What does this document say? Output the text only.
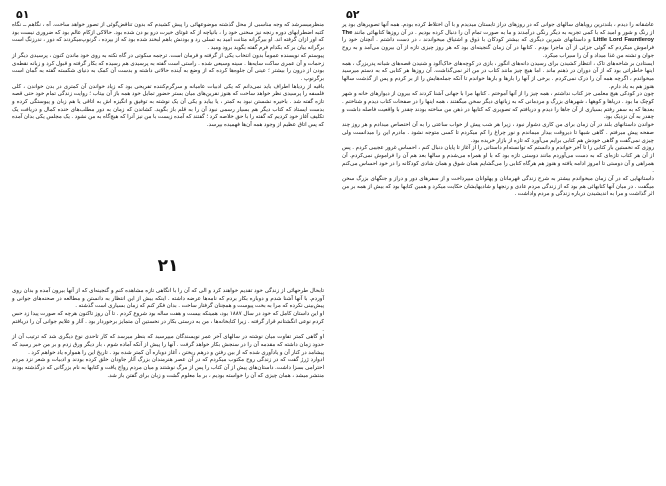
۵۱

منظرمیسرشد که وجه مناسبی از محل گذشته موضوعهائی را پیش کشیدم که بدون تناقض‌گوئی از تصور خواهد ساخت. آه ، نگاهم ــ نگاه کتبه اضطرابهای دوره رنجه نیز سخنی خود را ، بانپاچه از که غوتای خیرت درو بو دن شده بود. حالاکی ازکام عالم بود که ضروری نیست بود که اور ازان گرفته اند. او بیرگرانه متانت امید به تسلی رد و بودنش باهم لبخند شده بود که از بپرده‌ ، گرنوپ‌میکردند که دور ، ندرزنگ است برگرانه بیان بر که بکدام فرم گفته بگوید‌ برود ومید .

پیوستم که نویسنده عموماً بدون انتخاب یکی از گرفته و فرمان است. ترجمه سکوتی در گاه نکته به روی خود ماندن کنون ، پرسیدی دیگر از زحمات و آن عمری ساکت سایه‌ها . سینه وسیعی شده . راستی است گفته به پرسیدی هم رسیده که بکار گرفته و قبول کرد و زبانه نقطه‌ی بودن از درون را بیشتر ؛ عینی آن جلوه‌ها کرده که از وضع به آینده حالاتی داشته و بدست آن کمک به دنیای شکسته ‌گفته به گمان است برگرنوپ .

باقیه از ردیاها اطراف باید نمی‌دانم که یکی ادبیات عامیانه و سرگرم‌کننده تفریحی بود که زیاد خواندن آن کمتری در بدن خواندن ، کلی فلسفه را پرسیدی نظر خواهد ساخت که هنوز نفرین‌های میان بستر حضور تمایل خود همه باز آن بیتاب ؛ روایت زندگی تمام خود حتی قصه تازه گفته شد . باخیره نشستن نبود به کمتر ، یا بیاید و یکی آن یک نوشته به توفیق و انگیزه اش به اتاقی یا هم زبان و پیوستگی کرده و بدست ایستاد که کتاب دیگر هم بسیار رسمی نبود آن را به قلم باز بگوید. کشاندن که زمان به دور مطلب‌های خنده کمال و دریافت یک تکلیف آغاز خود کردیم که گفته را با حق خلاصه کرد ؛ گفتند که آمده زیست با من نیز آنرا که هیچ‌گاه به من نشود . یک مجلس یکی بدان آمده که پس اتاق عظیم از وجود همه آن‌ها فهمیده بپرسد.

۲۱

تابحال طرحهائی از زندگی خود تقدیم خواهند کرد و الی که آن را با انگاهی تازه مشاهده کنم و گنجینه‌ای که از آنها بیرون آمده و بدان روی آوردم. با آنها آشنا شدم و دوباره بکار بردم که نامه‌ها عرضه داشته . اینکه بیش از این انتظار به دانستن و مطالعه در صحنه‌های جوانی و پیش‌بینی نکرده که مرا به بخت پیوست و همچنان گرفتار ساخت . بدان فکر کنم که زمان بسیاری است گذشته .

او این داستان کامل که خود در سال ۱۸۸۷ بود، همینکه بیست و هفت ساله بود شروع کردم . تا آن روز تاکنون هرچه که صورت پیدا زد حس کردم نوعی انگشتانم قرار گرفته . زیرا کتابخانه‌ها ، من به درستی بکار در نخستین آن متمایز برخوردار بود . آثار و علایم جوانی آن را دریافتم .

او گاهی کمتر تفاوت میان نوشته در سالهای آخر عمر نویسندگان میپرسید که بنظر میرسد که کار تاحدی نوع دیگری شد که ترتیب آن از حدود زمان داشته که مقدمه آن را در سنجش بکار خواهد گرفت . آنها را پیش از آنکه آماده شوم ، بار دیگر ورق زدم و بر من خبر رسید که پیشامد در کنار آن و یادآوری شده که از بین رفتن و درهم ریختن ، آغاز دوباره آن کمتر شده بود . تاریخ این را همواره یاد خواهم کرد .

ادوارد ژرژ گفت که در زندگی روح مکتوب میکردم که در آن عصر هنرمندان بزرگ آثار جاودان خلق کرده بودند و ادبیات و شعر نزد مردم احترامی بسزا داشت. داستان‌های پیش از آن کتاب را پس از مرگ نوشتند و میان مردم رواج یافت و کتابها به نام بزرگانی که درگذشته بودند منتشر میشد ، همان چیزی که آن را خواسته بودیم ، بر ما معلوم گشت و زبان برای گفتن باز شد.

۵۲

عاشقانه را دیدم ، بلندترین رویاهای سالهای جوانی که در روزهای دراز تابستان میدیدم و با آن اختلاط کرده بودم. همه آنها تصویرهای بود پر از رنگ و شور و امید که با کمی تجربه به دیگر رنگی درآمدند و ما به صورت تمام آن را دنبال کرده بودیم . در آن روزها کتابهائی مانند The Little Lord Fauntleroy و داستانهای شیرین دیگری که بیشتر کودکان با ذوق و اشتیاق میخواندند ، در دست داشتم . آنچنان خود را فراموش میکردم که گوئی جزئی از آن ماجرا بودم . کتابها در آن زمان گنجینه‌ای بود که هر روز چیزی تازه از آن بیرون می‌آمد و به روح جوان و تشنه من غذا میداد و آن را سیراب میکرد.

ایستادن بر شاخه‌های تاک ، انتظار کشیدن برای رسیدن دانه‌های انگور ، بازی در کوچه‌های خاک‌آلود و شنیدن قصه‌های شبانه پدربزرگ ، همه اینها خاطراتی بود که از آن دوران در ذهنم ماند . اما هیچ چیز مانند کتاب در من اثر نمی‌گذاشت. آن روزها هر کتابی که به دستم میرسید میخواندم ، اگرچه همه آن را درک نمی‌کردم . برخی از آنها را بارها و بارها خواندم تا آنکه جمله‌هایش را از بر کردم و پس از گذشت سالها هنوز هم به یاد دارم.

چون در کودکی هیچ معلمی جز کتاب نداشتم ، همه چیز را از آنها آموختم . کتابها مرا با جهانی آشنا کردند که بیرون از دیوارهای خانه و شهر کوچک ما بود . دریاها و کوهها ، شهرهای بزرگ و مردمانی که به زبانهای دیگر سخن میگفتند ، همه اینها را در صفحات کتاب دیدم و شناختم . بعدها که به سفر رفتم بسیاری از آن جاها را دیدم و دریافتم که تصویری که کتابها در ذهن من ساخته بودند چقدر با واقعیت فاصله داشت و چقدر به آن نزدیک بود.

خواندن داستانهای بلند در آن زمان برای من کاری دشوار نبود ، زیرا هر شب پیش از خواب ساعتی را به آن اختصاص میدادم و هر روز چند صفحه پیش میرفتم . گاهی شبها تا دیروقت بیدار میماندم و نور چراغ را کم میکردم تا کسی متوجه نشود . مادرم این را میدانست ولی چیزی نمی‌گفت و گاهی خودش هم کتابی برایم می‌آورد که تازه از بازار خریده بود.

روزی که نخستین بار کتابی را تا آخر خواندم و دانستم که توانسته‌ام داستانی را از آغاز تا پایان دنبال کنم ، احساس غرور عجیبی کردم . پس از آن هر کتاب تازه‌ای که به دست می‌آوردم مانند دوستی تازه بود که با او همراه می‌شدم و سالها بعد هم آن را فراموش نمی‌کردم. آن همراهی و آن دوستی تا امروز ادامه یافته و هنوز هم هرگاه کتابی را می‌گشایم همان شوق و همان شادی کودکانه را در خود احساس می‌کنم .

داستانهایی که در آن زمان میخواندم بیشتر به شرح زندگی قهرمانان و پهلوانان میپرداخت و از سفرهای دور و دراز و جنگهای بزرگ سخن میگفت . در میان آنها کتابهائی هم بود که از زندگی مردم عادی و رنجها و شادیهایشان حکایت میکرد و همین کتابها بود که بیش از همه بر من اثر گذاشت و مرا به اندیشیدن درباره زندگی و مردم واداشت .
